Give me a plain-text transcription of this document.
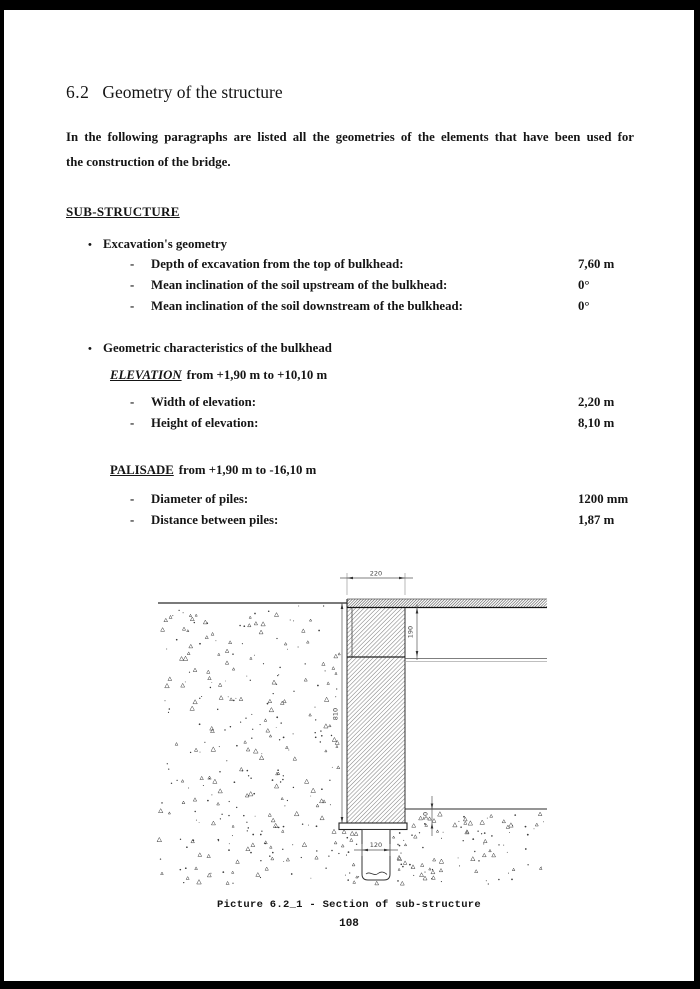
6.2 Geometry of the structure
In the following paragraphs are listed all the geometries of the elements that have been used for
the construction of the bridge.
SUB-STRUCTURE
• Excavation's geometry
-	Depth of excavation from the top of bulkhead:	7,60 m
-	Mean inclination of the soil upstream of the bulkhead:	0°
-	Mean inclination of the soil downstream of the bulkhead:	0°
• Geometric characteristics of the bulkhead
ELEVATION from +1,90 m to +10,10 m
-	Width of elevation:	2,20 m
-	Height of elevation:	8,10 m
PALISADE from +1,90 m to -16,10 m
-	Diameter of piles:	1200 mm
-	Distance between piles:	1,87 m
220
190
810
50
120
Picture 6.2_1 - Section of sub-structure
108
